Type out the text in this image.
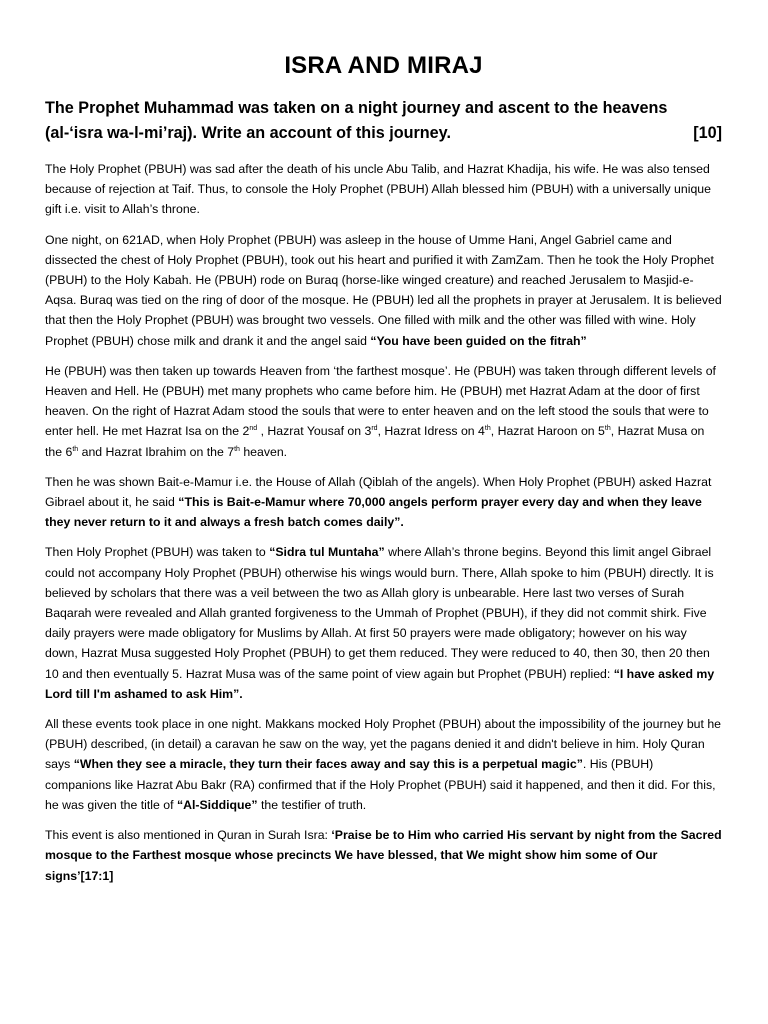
ISRA AND MIRAJ
The Prophet Muhammad was taken on a night journey and ascent to the heavens (al-‘isra wa-l-mi’raj). Write an account of this journey.	[10]

The Holy Prophet (PBUH) was sad after the death of his uncle Abu Talib, and Hazrat Khadija, his wife. He was also tensed because of rejection at Taif. Thus, to console the Holy Prophet (PBUH) Allah blessed him (PBUH) with a universally unique gift i.e. visit to Allah’s throne.

One night, on 621AD, when Holy Prophet (PBUH) was asleep in the house of Umme Hani, Angel Gabriel came and dissected the chest of Holy Prophet (PBUH), took out his heart and purified it with ZamZam. Then he took the Holy Prophet (PBUH) to the Holy Kabah. He (PBUH) rode on Buraq (horse-like winged creature) and reached Jerusalem to Masjid-e-Aqsa. Buraq was tied on the ring of door of the mosque. He (PBUH) led all the prophets in prayer at Jerusalem. It is believed that then the Holy Prophet (PBUH) was brought two vessels. One filled with milk and the other was filled with wine. Holy Prophet (PBUH) chose milk and drank it and the angel said “You have been guided on the fitrah”

He (PBUH) was then taken up towards Heaven from ‘the farthest mosque’. He (PBUH) was taken through different levels of Heaven and Hell. He (PBUH) met many prophets who came before him. He (PBUH) met Hazrat Adam at the door of first heaven. On the right of Hazrat Adam stood the souls that were to enter heaven and on the left stood the souls that were to enter hell. He met Hazrat Isa on the 2nd , Hazrat Yousaf on 3rd, Hazrat Idress on 4th, Hazrat Haroon on 5th, Hazrat Musa on the 6th and Hazrat Ibrahim on the 7th heaven.

Then he was shown Bait-e-Mamur i.e. the House of Allah (Qiblah of the angels). When Holy Prophet (PBUH) asked Hazrat Gibrael about it, he said “This is Bait-e-Mamur where 70,000 angels perform prayer every day and when they leave they never return to it and always a fresh batch comes daily”.

Then Holy Prophet (PBUH) was taken to “Sidra tul Muntaha” where Allah’s throne begins. Beyond this limit angel Gibrael could not accompany Holy Prophet (PBUH) otherwise his wings would burn. There, Allah spoke to him (PBUH) directly. It is believed by scholars that there was a veil between the two as Allah glory is unbearable. Here last two verses of Surah Baqarah were revealed and Allah granted forgiveness to the Ummah of Prophet (PBUH), if they did not commit shirk. Five daily prayers were made obligatory for Muslims by Allah. At first 50 prayers were made obligatory; however on his way down, Hazrat Musa suggested Holy Prophet (PBUH) to get them reduced. They were reduced to 40, then 30, then 20 then 10 and then eventually 5. Hazrat Musa was of the same point of view again but Prophet (PBUH) replied: “I have asked my Lord till I'm ashamed to ask Him”.

All these events took place in one night. Makkans mocked Holy Prophet (PBUH) about the impossibility of the journey but he (PBUH) described, (in detail) a caravan he saw on the way, yet the pagans denied it and didn't believe in him. Holy Quran says “When they see a miracle, they turn their faces away and say this is a perpetual magic”. His (PBUH) companions like Hazrat Abu Bakr (RA) confirmed that if the Holy Prophet (PBUH) said it happened, and then it did. For this, he was given the title of “Al-Siddique” the testifier of truth.

This event is also mentioned in Quran in Surah Isra: ‘Praise be to Him who carried His servant by night from the Sacred mosque to the Farthest mosque whose precincts We have blessed, that We might show him some of Our signs’[17:1]
